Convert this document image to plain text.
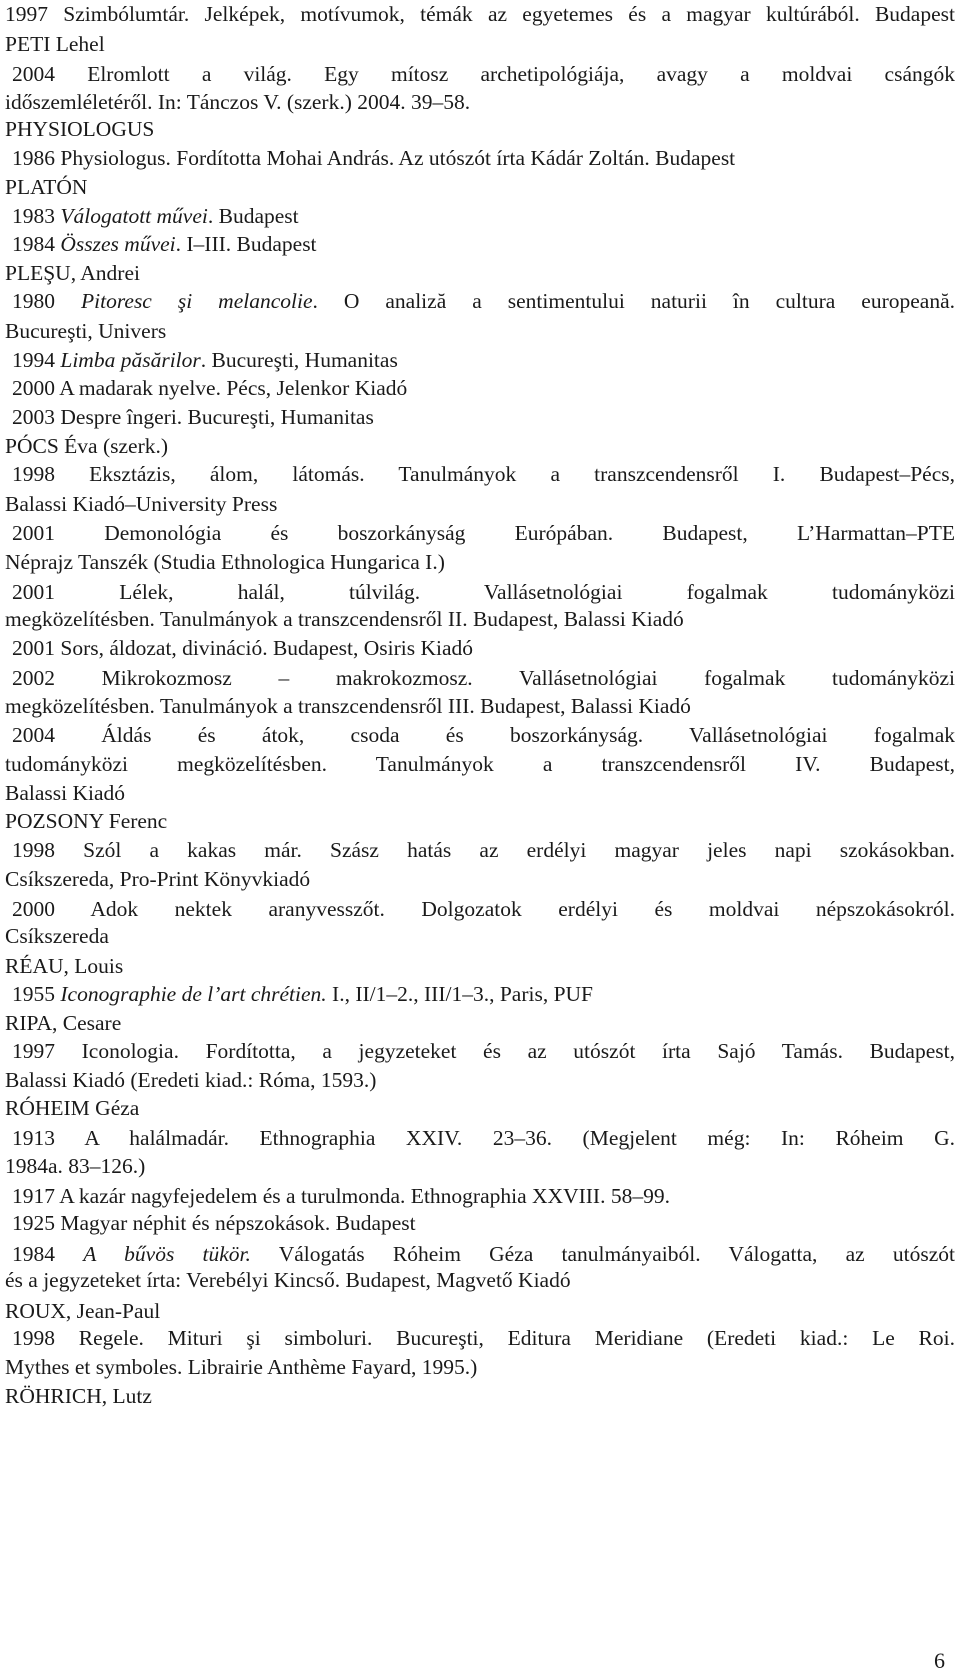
1997 Szimbólumtár. Jelképek, motívumok, témák az egyetemes és a magyar kultúrából. Budapest
PETI Lehel
2004 Elromlott a világ. Egy mítosz archetipológiája, avagy a moldvai csángók
időszemléletéről. In: Tánczos V. (szerk.) 2004. 39–58.
PHYSIOLOGUS
1986 Physiologus. Fordította Mohai András. Az utószót írta Kádár Zoltán. Budapest
PLATÓN
1983 Válogatott művei. Budapest
1984 Összes művei. I–III. Budapest
PLEŞU, Andrei
1980 Pitoresc şi melancolie. O analiză a sentimentului naturii în cultura europeană.
Bucureşti, Univers
1994 Limba păsărilor. Bucureşti, Humanitas
2000 A madarak nyelve. Pécs, Jelenkor Kiadó
2003 Despre îngeri. Bucureşti, Humanitas
PÓCS Éva (szerk.)
1998 Eksztázis, álom, látomás. Tanulmányok a transzcendensről I. Budapest–Pécs,
Balassi Kiadó–University Press
2001 Demonológia és boszorkányság Európában. Budapest, L’Harmattan–PTE
Néprajz Tanszék (Studia Ethnologica Hungarica I.)
2001 Lélek, halál, túlvilág. Vallásetnológiai fogalmak tudományközi
megközelítésben. Tanulmányok a transzcendensről II. Budapest, Balassi Kiadó
2001 Sors, áldozat, divináció. Budapest, Osiris Kiadó
2002 Mikrokozmosz – makrokozmosz. Vallásetnológiai fogalmak tudományközi
megközelítésben. Tanulmányok a transzcendensről III. Budapest, Balassi Kiadó
2004 Áldás és átok, csoda és boszorkányság. Vallásetnológiai fogalmak
tudományközi megközelítésben. Tanulmányok a transzcendensről IV. Budapest,
Balassi Kiadó
POZSONY Ferenc
1998 Szól a kakas már. Szász hatás az erdélyi magyar jeles napi szokásokban.
Csíkszereda, Pro-Print Könyvkiadó
2000 Adok nektek aranyvesszőt. Dolgozatok erdélyi és moldvai népszokásokról.
Csíkszereda
RÉAU, Louis
1955 Iconographie de l’art chrétien. I., II/1–2., III/1–3., Paris, PUF
RIPA, Cesare
1997 Iconologia. Fordította, a jegyzeteket és az utószót írta Sajó Tamás. Budapest,
Balassi Kiadó (Eredeti kiad.: Róma, 1593.)
RÓHEIM Géza
1913 A halálmadár. Ethnographia XXIV. 23–36. (Megjelent még: In: Róheim G.
1984a. 83–126.)
1917 A kazár nagyfejedelem és a turulmonda. Ethnographia XXVIII. 58–99.
1925 Magyar néphit és népszokások. Budapest
1984 A bűvös tükör. Válogatás Róheim Géza tanulmányaiból. Válogatta, az utószót
és a jegyzeteket írta: Verebélyi Kincső. Budapest, Magvető Kiadó
ROUX, Jean-Paul
1998 Regele. Mituri şi simboluri. Bucureşti, Editura Meridiane (Eredeti kiad.: Le Roi.
Mythes et symboles. Librairie Anthème Fayard, 1995.)
RÖHRICH, Lutz
6
